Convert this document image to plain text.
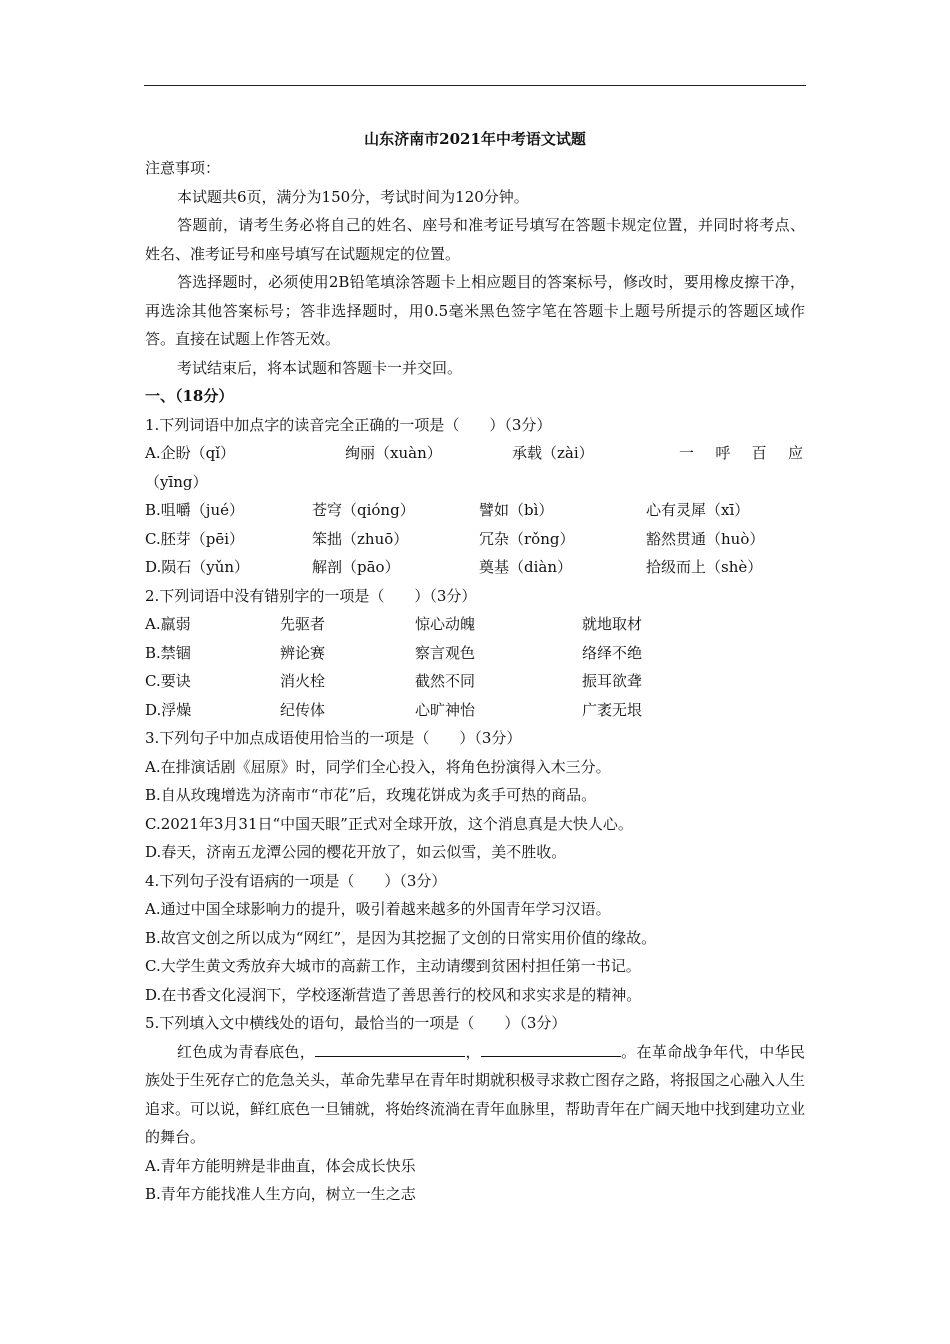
山东济南市2021年中考语文试题
注意事项：
本试题共6页，满分为150分，考试时间为120分钟。
答题前，请考生务必将自己的姓名、座号和准考证号填写在答题卡规定位置，并同时将考点、姓名、准考证号和座号填写在试题规定的位置。
答选择题时，必须使用2B铅笔填涂答题卡上相应题目的答案标号，修改时，要用橡皮擦干净，再选涂其他答案标号；答非选择题时，用0.5毫米黑色签字笔在答题卡上题号所提示的答题区域作答。直接在试题上作答无效。
考试结束后，将本试题和答题卡一并交回。
一、（18分）
1.下列词语中加点字的读音完全正确的一项是（　　）（3分）
A.企盼（qǐ）	绚丽（xuàn）	承载（zài）	一呼百应
（yīng）
B.咀嚼（jué）	苍穹（qióng）	譬如（bì）	心有灵犀（xī）
C.胚芽（pēi）	笨拙（zhuō）	冗杂（rǒng）	豁然贯通（huò）
D.陨石（yǔn）	解剖（pāo）	奠基（diàn）	拾级而上（shè）
2.下列词语中没有错别字的一项是（　　）（3分）
A.羸弱	先驱者	惊心动魄	就地取材
B.禁锢	辨论赛	察言观色	络绎不绝
C.要诀	消火栓	截然不同	振耳欲聋
D.浮燥	纪传体	心旷神怡	广袤无垠
3.下列句子中加点成语使用恰当的一项是（　　）（3分）
A.在排演话剧《屈原》时，同学们全心投入，将角色扮演得入木三分。
B.自从玫瑰增选为济南市“市花”后，玫瑰花饼成为炙手可热的商品。
C.2021年3月31日“中国天眼”正式对全球开放，这个消息真是大快人心。
D.春天，济南五龙潭公园的樱花开放了，如云似雪，美不胜收。
4.下列句子没有语病的一项是（　　）（3分）
A.通过中国全球影响力的提升，吸引着越来越多的外国青年学习汉语。
B.故宫文创之所以成为“网红”，是因为其挖掘了文创的日常实用价值的缘故。
C.大学生黄文秀放弃大城市的高薪工作，主动请缨到贫困村担任第一书记。
D.在书香文化浸润下，学校逐渐营造了善思善行的校风和求实求是的精神。
5.下列填入文中横线处的语句，最恰当的一项是（　　）（3分）
红色成为青春底色，	，	。在革命战争年代，中华民族处于生死存亡的危急关头，革命先辈早在青年时期就积极寻求救亡图存之路，将报国之心融入人生追求。可以说，鲜红底色一旦铺就，将始终流淌在青年血脉里，帮助青年在广阔天地中找到建功立业的舞台。
A.青年方能明辨是非曲直，体会成长快乐
B.青年方能找准人生方向，树立一生之志
